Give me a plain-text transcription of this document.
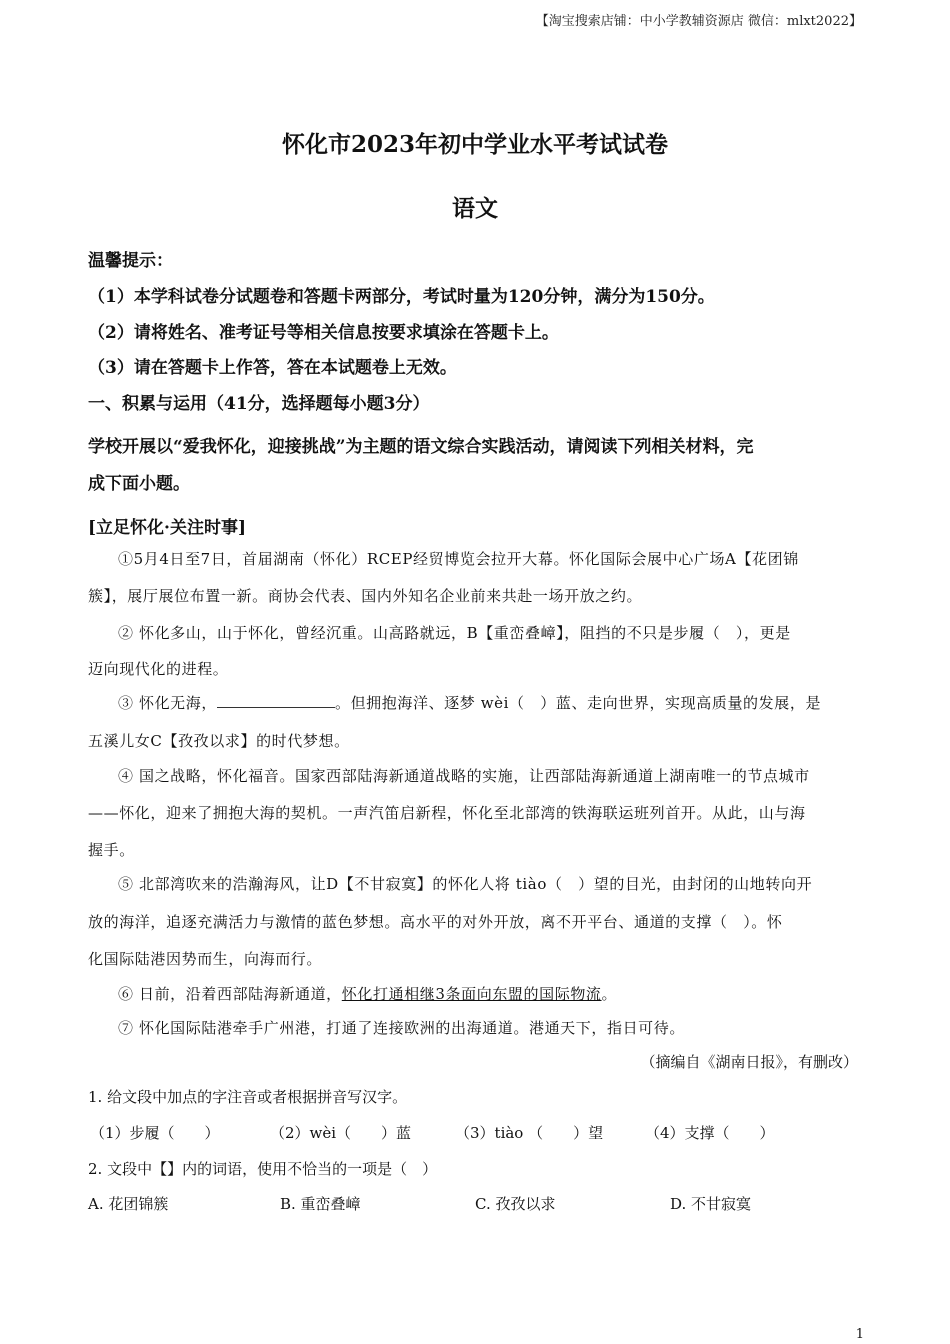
【淘宝搜索店铺：中小学教辅资源店 微信：mlxt2022】
怀化市2023年初中学业水平考试试卷
语文
温馨提示：
（1）本学科试卷分试题卷和答题卡两部分，考试时量为120分钟，满分为150分。
（2）请将姓名、准考证号等相关信息按要求填涂在答题卡上。
（3）请在答题卡上作答，答在本试题卷上无效。
一、积累与运用（41分，选择题每小题3分）
学校开展以“爱我怀化，迎接挑战”为主题的语文综合实践活动，请阅读下列相关材料，完
成下面小题。
[立足怀化·关注时事]
①5月4日至7日，首届湖南（怀化）RCEP经贸博览会拉开大幕。怀化国际会展中心广场A【花团锦
簇】，展厅展位布置一新。商协会代表、国内外知名企业前来共赴一场开放之约。
② 怀化多山，山于怀化，曾经沉重。山高路就远，B【重峦叠嶂】，阻挡的不只是步履（　），更是
迈向现代化的进程。
③ 怀化无海，	。但拥抱海洋、逐梦 wèi（　）蓝、走向世界，实现高质量的发展，是
五溪儿女C【孜孜以求】的时代梦想。
④ 国之战略，怀化福音。国家西部陆海新通道战略的实施，让西部陆海新通道上湖南唯一的节点城市
——怀化，迎来了拥抱大海的契机。一声汽笛启新程，怀化至北部湾的铁海联运班列首开。从此，山与海
握手。
⑤ 北部湾吹来的浩瀚海风，让D【不甘寂寞】的怀化人将 tiào（　）望的目光，由封闭的山地转向开
放的海洋，追逐充满活力与激情的蓝色梦想。高水平的对外开放，离不开平台、通道的支撑（　）。怀
化国际陆港因势而生，向海而行。
⑥ 日前，沿着西部陆海新通道，怀化打通相继3条面向东盟的国际物流。
⑦ 怀化国际陆港牵手广州港，打通了连接欧洲的出海通道。港通天下，指日可待。
（摘编自《湖南日报》，有删改）
1. 给文段中加点的字注音或者根据拼音写汉字。
（1）步履（　　）	（2）wèi（　　）蓝	（3）tiào （　　）望	（4）支撑（　　）
2. 文段中【】内的词语，使用不恰当的一项是（　）
A. 花团锦簇	B. 重峦叠嶂	C. 孜孜以求	D. 不甘寂寞
1
